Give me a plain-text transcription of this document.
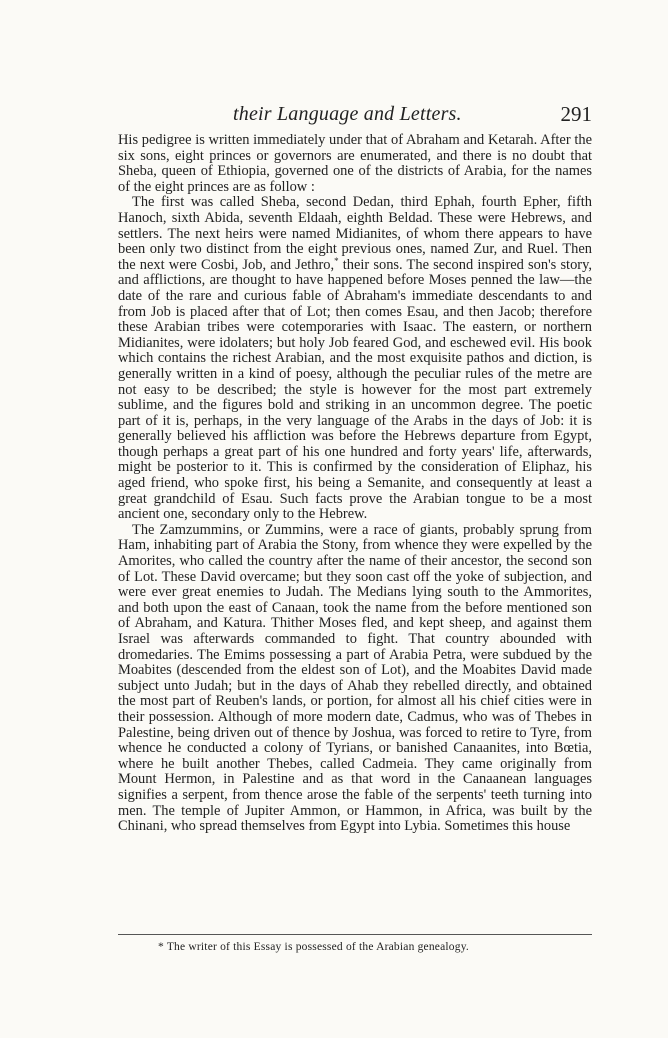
their Language and Letters.	291

His pedigree is written immediately under that of Abraham and Ketarah. After the six sons, eight princes or governors are enumerated, and there is no doubt that Sheba, queen of Ethiopia, governed one of the districts of Arabia, for the names of the eight princes are as follow :

The first was called Sheba, second Dedan, third Ephah, fourth Epher, fifth Hanoch, sixth Abida, seventh Eldaah, eighth Beldad. These were Hebrews, and settlers. The next heirs were named Midianites, of whom there appears to have been only two distinct from the eight previous ones, named Zur, and Ruel. Then the next were Cosbi, Job, and Jethro,* their sons. The second inspired son's story, and afflictions, are thought to have happened before Moses penned the law—the date of the rare and curious fable of Abraham's immediate descendants to and from Job is placed after that of Lot; then comes Esau, and then Jacob; therefore these Arabian tribes were cotemporaries with Isaac. The eastern, or northern Midianites, were idolaters; but holy Job feared God, and eschewed evil. His book which contains the richest Arabian, and the most exquisite pathos and diction, is generally written in a kind of poesy, although the peculiar rules of the metre are not easy to be described; the style is however for the most part extremely sublime, and the figures bold and striking in an uncommon degree. The poetic part of it is, perhaps, in the very language of the Arabs in the days of Job: it is generally believed his affliction was before the Hebrews departure from Egypt, though perhaps a great part of his one hundred and forty years' life, afterwards, might be posterior to it. This is confirmed by the consideration of Eliphaz, his aged friend, who spoke first, his being a Semanite, and consequently at least a great grandchild of Esau. Such facts prove the Arabian tongue to be a most ancient one, secondary only to the Hebrew.

The Zamzummins, or Zummins, were a race of giants, probably sprung from Ham, inhabiting part of Arabia the Stony, from whence they were expelled by the Amorites, who called the country after the name of their ancestor, the second son of Lot. These David overcame; but they soon cast off the yoke of subjection, and were ever great enemies to Judah. The Medians lying south to the Ammorites, and both upon the east of Canaan, took the name from the before mentioned son of Abraham, and Katura. Thither Moses fled, and kept sheep, and against them Israel was afterwards commanded to fight. That country abounded with dromedaries. The Emims possessing a part of Arabia Petra, were subdued by the Moabites (descended from the eldest son of Lot), and the Moabites David made subject unto Judah; but in the days of Ahab they rebelled directly, and obtained the most part of Reuben's lands, or portion, for almost all his chief cities were in their possession. Although of more modern date, Cadmus, who was of Thebes in Palestine, being driven out of thence by Joshua, was forced to retire to Tyre, from whence he conducted a colony of Tyrians, or banished Canaanites, into Bœtia, where he built another Thebes, called Cadmeia. They came originally from Mount Hermon, in Palestine and as that word in the Canaanean languages signifies a serpent, from thence arose the fable of the serpents' teeth turning into men. The temple of Jupiter Ammon, or Hammon, in Africa, was built by the Chinani, who spread themselves from Egypt into Lybia. Sometimes this house

* The writer of this Essay is possessed of the Arabian genealogy.
